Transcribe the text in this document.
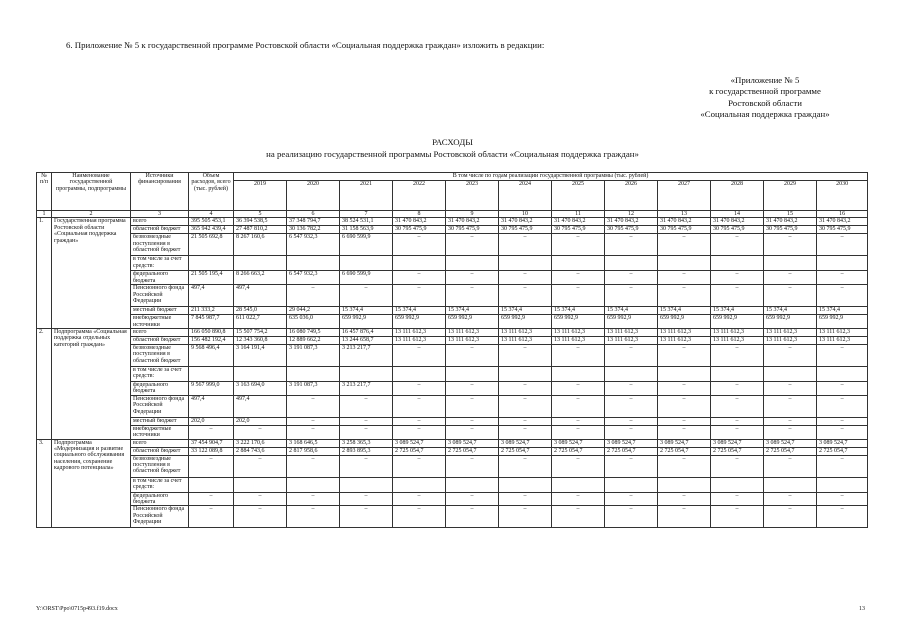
6. Приложение № 5 к государственной программе Ростовской области «Социальная поддержка граждан» изложить в редакции:
«Приложение № 5
к государственной программе
Ростовской области
«Социальная поддержка граждан»
РАСХОДЫ
на реализацию государственной программы Ростовской области «Социальная поддержка граждан»
№ п/п	Наименование государственной программы, подпрограммы	Источники финансирования	Объем расходов, всего (тыс. рублей)	В том числе по годам реализации государственной программы (тыс. рублей)											
				2019	2020	2021	2022	2023	2024	2025	2026	2027	2028	2029	2030
1	2	3	4	5	6	7	8	9	10	11	12	13	14	15	16
1.	Государственная программа Ростовской области «Социальная поддержка граждан»	всего	395 505 453,1	36 394 538,5	37 348 794,7	38 524 531,1	31 470 843,2	31 470 843,2	31 470 843,2	31 470 843,2	31 470 843,2	31 470 843,2	31 470 843,2	31 470 843,2	31 470 843,2
		областной бюджет	365 942 439,4	27 487 810,2	30 136 782,2	31 158 563,9	30 795 475,9	30 795 475,9	30 795 475,9	30 795 475,9	30 795 475,9	30 795 475,9	30 795 475,9	30 795 475,9	30 795 475,9
		безвозмездные поступления в областной бюджет	21 505 692,8	8 267 160,6	6 547 932,3	6 690 599,9	–	–	–	–	–	–	–	–	–
		в том числе за счет средств:													
		федерального бюджета	21 505 195,4	8 266 663,2	6 547 932,3	6 690 599,9	–	–	–	–	–	–	–	–	–
		Пенсионного фонда Российской Федерации	497,4	497,4	–	–	–	–	–	–	–	–	–	–	–
		местный бюджет	211 333,2	28 545,0	29 044,2	15 374,4	15 374,4	15 374,4	15 374,4	15 374,4	15 374,4	15 374,4	15 374,4	15 374,4	15 374,4
		внебюджетные источники	7 845 987,7	611 022,7	635 036,0	659 992,9	659 992,9	659 992,9	659 992,9	659 992,9	659 992,9	659 992,9	659 992,9	659 992,9	659 992,9
2.	Подпрограмма «Социальная поддержка отдельных категорий граждан»	всего	166 050 890,8	15 507 754,2	16 080 749,5	16 457 876,4	13 111 612,3	13 111 612,3	13 111 612,3	13 111 612,3	13 111 612,3	13 111 612,3	13 111 612,3	13 111 612,3	13 111 612,3
		областной бюджет	156 482 192,4	12 343 360,8	12 889 662,2	13 244 658,7	13 111 612,3	13 111 612,3	13 111 612,3	13 111 612,3	13 111 612,3	13 111 612,3	13 111 612,3	13 111 612,3	13 111 612,3
		безвозмездные поступления в областной бюджет	9 568 496,4	3 164 191,4	3 191 087,3	3 213 217,7	–	–	–	–	–	–	–	–	–
		в том числе за счет средств:													
		федерального бюджета	9 567 999,0	3 163 694,0	3 191 087,3	3 213 217,7	–	–	–	–	–	–	–	–	–
		Пенсионного фонда Российской Федерации	497,4	497,4	–	–	–	–	–	–	–	–	–	–	–
		местный бюджет	202,0	202,0	–	–	–	–	–	–	–	–	–	–	–
		внебюджетные источники	–	–	–	–	–	–	–	–	–	–	–	–	–
3.	Подпрограмма «Модернизация и развитие социального обслуживания населения, сохранение кадрового потенциала»	всего	37 454 904,7	3 222 170,6	3 168 646,5	3 258 365,3	3 089 524,7	3 089 524,7	3 089 524,7	3 089 524,7	3 089 524,7	3 089 524,7	3 089 524,7	3 089 524,7	3 089 524,7
		областной бюджет	33 122 089,8	2 884 743,6	2 817 958,6	2 893 895,3	2 725 054,7	2 725 054,7	2 725 054,7	2 725 054,7	2 725 054,7	2 725 054,7	2 725 054,7	2 725 054,7	2 725 054,7
		безвозмездные поступления в областной бюджет	–	–	–	–	–	–	–	–	–	–	–	–	–
		в том числе за счет средств:													
		федерального бюджета	–	–	–	–	–	–	–	–	–	–	–	–	–
		Пенсионного фонда Российской Федерации	–	–	–	–	–	–	–	–	–	–	–	–	–
Y:\ORST\Ppo\0715p493.f19.docx	13
